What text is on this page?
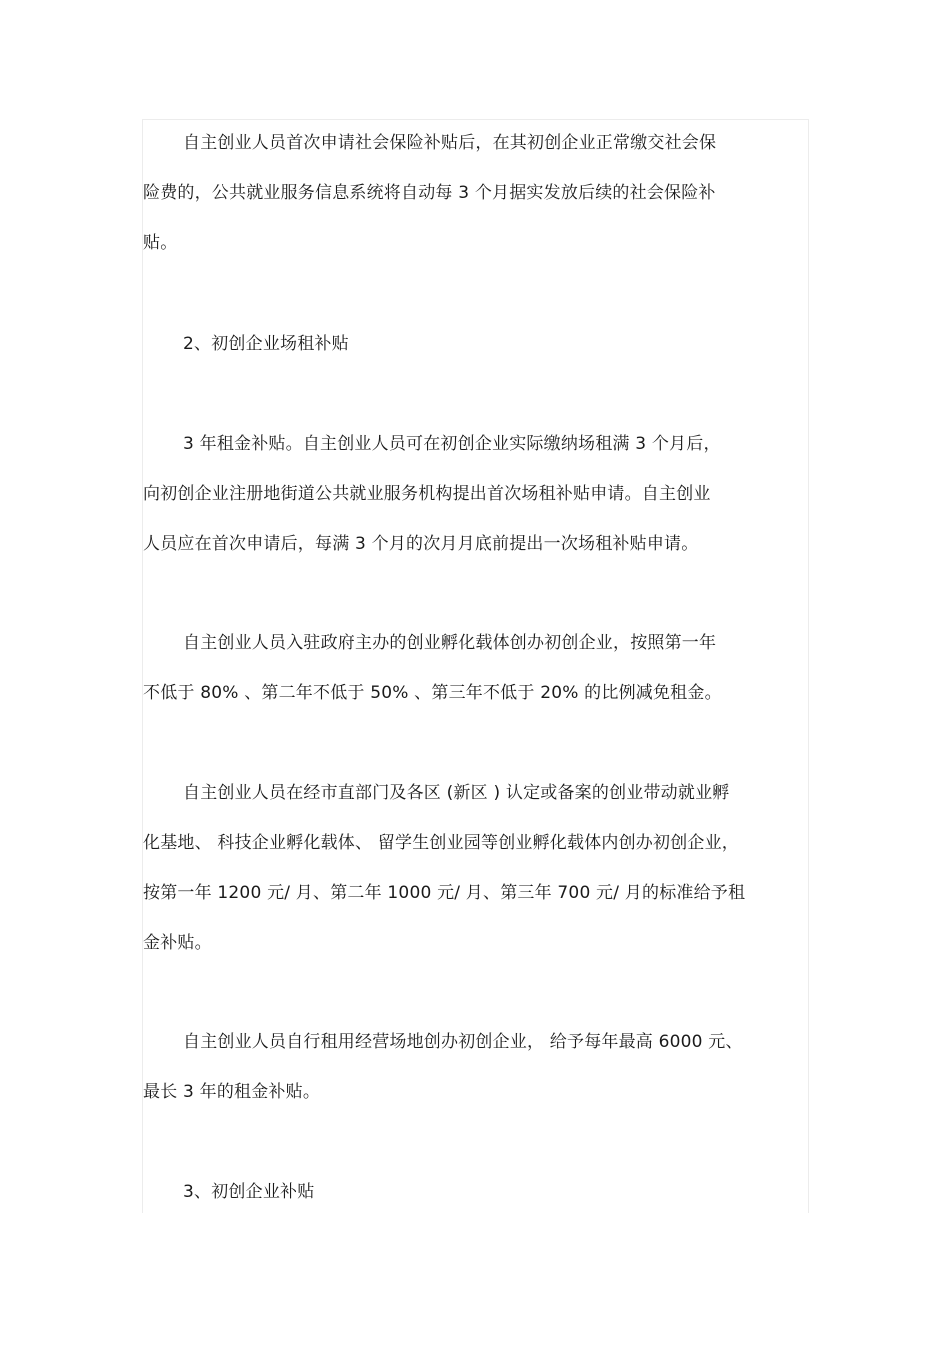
自主创业人员首次申请社会保险补贴后，在其初创企业正常缴交社会保
险费的，公共就业服务信息系统将自动每 3 个月据实发放后续的社会保险补
贴。
2、初创企业场租补贴
3 年租金补贴。自主创业人员可在初创企业实际缴纳场租满 3 个月后，
向初创企业注册地街道公共就业服务机构提出首次场租补贴申请。自主创业
人员应在首次申请后，每满 3 个月的次月月底前提出一次场租补贴申请。
自主创业人员入驻政府主办的创业孵化载体创办初创企业，按照第一年
不低于 80% 、第二年不低于 50% 、第三年不低于 20% 的比例减免租金。
自主创业人员在经市直部门及各区 (新区 ) 认定或备案的创业带动就业孵
化基地、 科技企业孵化载体、 留学生创业园等创业孵化载体内创办初创企业，
按第一年 1200 元/ 月、第二年 1000 元/ 月、第三年 700 元/ 月的标准给予租
金补贴。
自主创业人员自行租用经营场地创办初创企业， 给予每年最高 6000 元、
最长 3 年的租金补贴。
3、初创企业补贴
